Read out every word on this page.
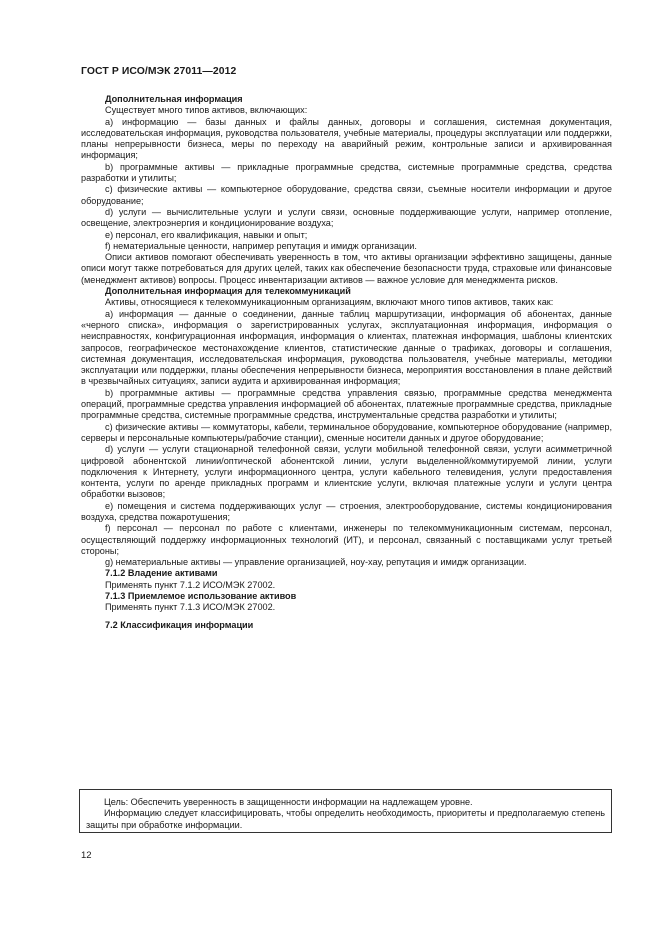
ГОСТ Р ИСО/МЭК 27011—2012

Дополнительная информация

Существует много типов активов, включающих:

а) информацию — базы данных и файлы данных, договоры и соглашения, системная документация, исследовательская информация, руководства пользователя, учебные материалы, процедуры эксплуатации или поддержки, планы непрерывности бизнеса, меры по переходу на аварийный режим, контрольные записи и архивированная информация;

b) программные активы — прикладные программные средства, системные программные средства, средства разработки и утилиты;

с) физические активы — компьютерное оборудование, средства связи, съемные носители информации и другое оборудование;

d) услуги — вычислительные услуги и услуги связи, основные поддерживающие услуги, например отопление, освещение, электроэнергия и кондиционирование воздуха;

е) персонал, его квалификация, навыки и опыт;

f) нематериальные ценности, например репутация и имидж организации.

Описи активов помогают обеспечивать уверенность в том, что активы организации эффективно защищены, данные описи могут также потребоваться для других целей, таких как обеспечение безопасности труда, страховые или финансовые (менеджмент активов) вопросы. Процесс инвентаризации активов — важное условие для менеджмента рисков.

Дополнительная информация для телекоммуникаций

Активы, относящиеся к телекоммуникационным организациям, включают много типов активов, таких как:

а) информация — данные о соединении, данные таблиц маршрутизации, информация об абонентах, данные «черного списка», информация о зарегистрированных услугах, эксплуатационная информация, информация о неисправностях, конфигурационная информация, информация о клиентах, платежная информация, шаблоны клиентских запросов, географическое местонахождение клиентов, статистические данные о трафиках, договоры и соглашения, системная документация, исследовательская информация, руководства пользователя, учебные материалы, методики эксплуатации или поддержки, планы обеспечения непрерывности бизнеса, мероприятия восстановления в плане действий в чрезвычайных ситуациях, записи аудита и архивированная информация;

b) программные активы — программные средства управления связью, программные средства менеджмента операций, программные средства управления информацией об абонентах, платежные программные средства, прикладные программные средства, системные программные средства, инструментальные средства разработки и утилиты;

с) физические активы — коммутаторы, кабели, терминальное оборудование, компьютерное оборудование (например, серверы и персональные компьютеры/рабочие станции), сменные носители данных и другое оборудование;

d) услуги — услуги стационарной телефонной связи, услуги мобильной телефонной связи, услуги асимметричной цифровой абонентской линии/оптической абонентской линии, услуги выделенной/коммутируемой линии, услуги подключения к Интернету, услуги информационного центра, услуги кабельного телевидения, услуги предоставления контента, услуги по аренде прикладных программ и клиентские услуги, включая платежные услуги и услуги центра обработки вызовов;

е) помещения и система поддерживающих услуг — строения, электрооборудование, системы кондиционирования воздуха, средства пожаротушения;

f) персонал — персонал по работе с клиентами, инженеры по телекоммуникационным системам, персонал, осуществляющий поддержку информационных технологий (ИТ), и персонал, связанный с поставщиками услуг третьей стороны;

g) нематериальные активы — управление организацией, ноу-хау, репутация и имидж организации.

7.1.2 Владение активами

Применять пункт 7.1.2 ИСО/МЭК 27002.

7.1.3 Приемлемое использование активов

Применять пункт 7.1.3 ИСО/МЭК 27002.

7.2 Классификация информации

Цель: Обеспечить уверенность в защищенности информации на надлежащем уровне.

Информацию следует классифицировать, чтобы определить необходимость, приоритеты и предполагаемую степень защиты при обработке информации.

12
